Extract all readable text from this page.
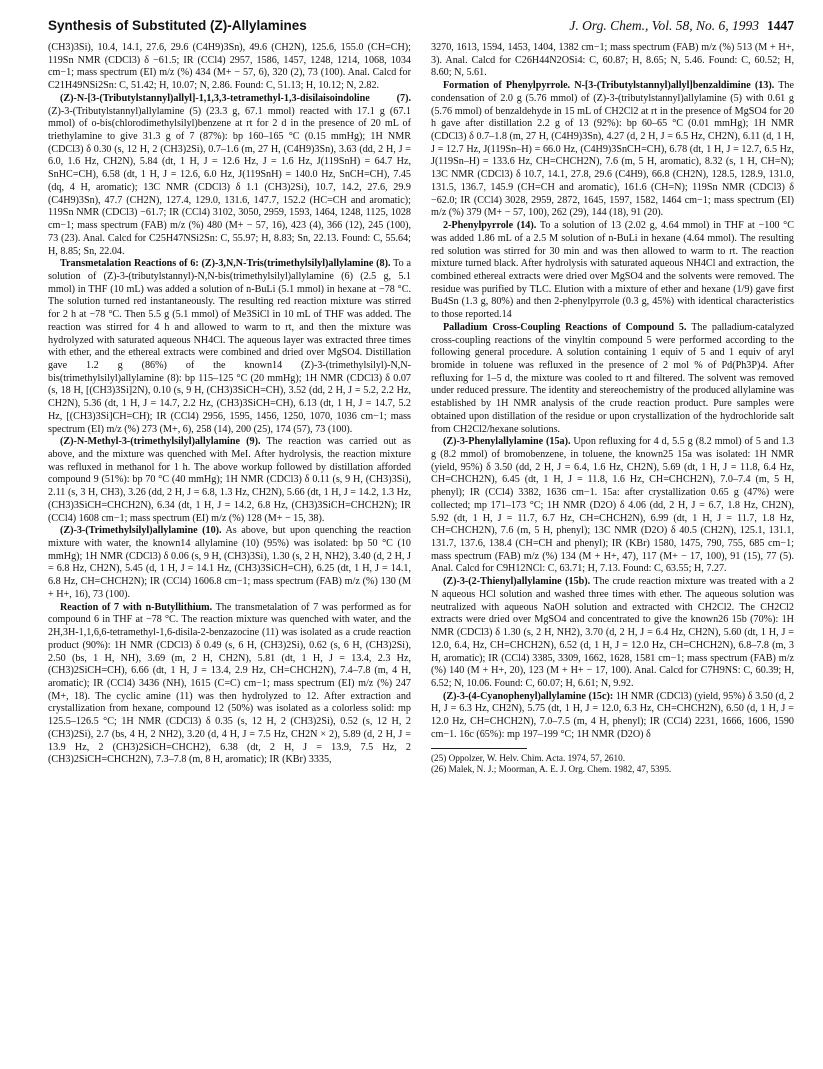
Synthesis of Substituted (Z)-Allylamines	J. Org. Chem., Vol. 58, No. 6, 1993 1447

(CH3)3Si), 10.4, 14.1, 27.6, 29.6 (C4H9)3Sn), 49.6 (CH2N), 125.6, 155.0 (CH=CH); 119Sn NMR (CDCl3) δ −61.5; IR (CCl4) 2957, 1586, 1457, 1248, 1214, 1068, 1034 cm−1; mass spectrum (EI) m/z (%) 434 (M+ − 57, 6), 320 (2), 73 (100). Anal. Calcd for C21H49NSi2Sn: C, 51.42; H, 10.07; N, 2.86. Found: C, 51.13; H, 10.12; N, 2.82.

(Z)-N-[3-(Tributylstannyl)allyl]-1,1,3,3-tetramethyl-1,3-disilaisoindoline (7). (Z)-3-(Tributylstannyl)allylamine (5) (23.3 g, 67.1 mmol) reacted with 17.1 g (67.1 mmol) of o-bis(chlorodimethylsilyl)benzene at rt for 2 d in the presence of 20 mL of triethylamine to give 31.3 g of 7 (87%): bp 160–165 °C (0.15 mmHg); 1H NMR (CDCl3) δ 0.30 (s, 12 H, 2 (CH3)2Si), 0.7–1.6 (m, 27 H, (C4H9)3Sn), 3.63 (dd, 2 H, J = 6.0, 1.6 Hz, CH2N), 5.84 (dt, 1 H, J = 12.6 Hz, J = 1.6 Hz, J(119SnH) = 64.7 Hz, SnHC=CH), 6.58 (dt, 1 H, J = 12.6, 6.0 Hz, J(119SnH) = 140.0 Hz, SnCH=CH), 7.45 (dq, 4 H, aromatic); 13C NMR (CDCl3) δ 1.1 (CH3)2Si), 10.7, 14.2, 27.6, 29.9 (C4H9)3Sn), 47.7 (CH2N), 127.4, 129.0, 131.6, 147.7, 152.2 (HC=CH and aromatic); 119Sn NMR (CDCl3) −61.7; IR (CCl4) 3102, 3050, 2959, 1593, 1464, 1248, 1125, 1028 cm−1; mass spectrum (FAB) m/z (%) 480 (M+ − 57, 16), 423 (4), 366 (12), 245 (100), 73 (23). Anal. Calcd for C25H47NSi2Sn: C, 55.97; H, 8.83; Sn, 22.13. Found: C, 55.64; H, 8.85; Sn, 22.04.

Transmetalation Reactions of 6: (Z)-3,N,N-Tris(trimethylsilyl)allylamine (8). To a solution of (Z)-3-(tributylstannyl)-N,N-bis(trimethylsilyl)allylamine (6) (2.5 g, 5.1 mmol) in THF (10 mL) was added a solution of n-BuLi (5.1 mmol) in hexane at −78 °C. The solution turned red instantaneously. The resulting red reaction mixture was stirred for 2 h at −78 °C. Then 5.5 g (5.1 mmol) of Me3SiCl in 10 mL of THF was added. The reaction was stirred for 4 h and allowed to warm to rt, and then the mixture was hydrolyzed with saturated aqueous NH4Cl. The aqueous layer was extracted three times with ether, and the ethereal extracts were combined and dried over MgSO4. Distillation gave 1.2 g (86%) of the known14 (Z)-3-(trimethylsilyl)-N,N-bis(trimethylsilyl)allylamine (8): bp 115–125 °C (20 mmHg); 1H NMR (CDCl3) δ 0.07 (s, 18 H, [(CH3)3Si]2N), 0.10 (s, 9 H, (CH3)3SiCH=CH), 3.52 (dd, 2 H, J = 5.2, 2.2 Hz, CH2N), 5.36 (dt, 1 H, J = 14.7, 2.2 Hz, (CH3)3SiCH=CH), 6.13 (dt, 1 H, J = 14.7, 5.2 Hz, [(CH3)3Si]CH=CH); IR (CCl4) 2956, 1595, 1456, 1250, 1070, 1036 cm−1; mass spectrum (EI) m/z (%) 273 (M+, 6), 258 (14), 200 (25), 174 (57), 73 (100).

(Z)-N-Methyl-3-(trimethylsilyl)allylamine (9). The reaction was carried out as above, and the mixture was quenched with MeI. After hydrolysis, the reaction mixture was refluxed in methanol for 1 h. The above workup followed by distillation afforded compound 9 (51%): bp 70 °C (40 mmHg); 1H NMR (CDCl3) δ 0.11 (s, 9 H, (CH3)3Si), 2.11 (s, 3 H, CH3), 3.26 (dd, 2 H, J = 6.8, 1.3 Hz, CH2N), 5.66 (dt, 1 H, J = 14.2, 1.3 Hz, (CH3)3SiCH=CHCH2N), 6.34 (dt, 1 H, J = 14.2, 6.8 Hz, (CH3)3SiCH=CHCH2N); IR (CCl4) 1608 cm−1; mass spectrum (EI) m/z (%) 128 (M+ − 15, 38).

(Z)-3-(Trimethylsilyl)allylamine (10). As above, but upon quenching the reaction mixture with water, the known14 allylamine (10) (95%) was isolated: bp 50 °C (10 mmHg); 1H NMR (CDCl3) δ 0.06 (s, 9 H, (CH3)3Si), 1.30 (s, 2 H, NH2), 3.40 (d, 2 H, J = 6.8 Hz, CH2N), 5.45 (d, 1 H, J = 14.1 Hz, (CH3)3SiCH=CH), 6.25 (dt, 1 H, J = 14.1, 6.8 Hz, CH=CHCH2N); IR (CCl4) 1606.8 cm−1; mass spectrum (FAB) m/z (%) 130 (M + H+, 16), 73 (100).

Reaction of 7 with n-Butyllithium. The transmetalation of 7 was performed as for compound 6 in THF at −78 °C. The reaction mixture was quenched with water, and the 2H,3H-1,1,6,6-tetramethyl-1,6-disila-2-benzazocine (11) was isolated as a crude reaction product (90%): 1H NMR (CDCl3) δ 0.49 (s, 6 H, (CH3)2Si), 0.62 (s, 6 H, (CH3)2Si), 2.50 (bs, 1 H, NH), 3.69 (m, 2 H, CH2N), 5.81 (dt, 1 H, J = 13.4, 2.3 Hz, (CH3)2SiCH=CH), 6.66 (dt, 1 H, J = 13.4, 2.9 Hz, CH=CHCH2N), 7.4–7.8 (m, 4 H, aromatic); IR (CCl4) 3436 (NH), 1615 (C=C) cm−1; mass spectrum (EI) m/z (%) 247 (M+, 18). The cyclic amine (11) was then hydrolyzed to 12. After extraction and crystallization from hexane, compound 12 (50%) was isolated as a colorless solid: mp 125.5–126.5 °C; 1H NMR (CDCl3) δ 0.35 (s, 12 H, 2 (CH3)2Si), 0.52 (s, 12 H, 2 (CH3)2Si), 2.7 (bs, 4 H, 2 NH2), 3.20 (d, 4 H, J = 7.5 Hz, CH2N × 2), 5.89 (d, 2 H, J = 13.9 Hz, 2 (CH3)2SiCH=CHCH2), 6.38 (dt, 2 H, J = 13.9, 7.5 Hz, 2 (CH3)2SiCH=CHCH2N), 7.3–7.8 (m, 8 H, aromatic); IR (KBr) 3335,

3270, 1613, 1594, 1453, 1404, 1382 cm−1; mass spectrum (FAB) m/z (%) 513 (M + H+, 3). Anal. Calcd for C26H44N2OSi4: C, 60.87; H, 8.65; N, 5.46. Found: C, 60.52; H, 8.60; N, 5.61.

Formation of Phenylpyrrole. N-[3-(Tributylstannyl)allyl]benzaldimine (13). The condensation of 2.0 g (5.76 mmol) of (Z)-3-(tributylstannyl)allylamine (5) with 0.61 g (5.76 mmol) of benzaldehyde in 15 mL of CH2Cl2 at rt in the presence of MgSO4 for 20 h gave after distillation 2.2 g of 13 (92%): bp 60–65 °C (0.01 mmHg); 1H NMR (CDCl3) δ 0.7–1.8 (m, 27 H, (C4H9)3Sn), 4.27 (d, 2 H, J = 6.5 Hz, CH2N), 6.11 (d, 1 H, J = 12.7 Hz, J(119Sn–H) = 66.0 Hz, (C4H9)3SnCH=CH), 6.78 (dt, 1 H, J = 12.7, 6.5 Hz, J(119Sn–H) = 133.6 Hz, CH=CHCH2N), 7.6 (m, 5 H, aromatic), 8.32 (s, 1 H, CH=N); 13C NMR (CDCl3) δ 10.7, 14.1, 27.8, 29.6 (C4H9), 66.8 (CH2N), 128.5, 128.9, 131.0, 131.5, 136.7, 145.9 (CH=CH and aromatic), 161.6 (CH=N); 119Sn NMR (CDCl3) δ −62.0; IR (CCl4) 3028, 2959, 2872, 1645, 1597, 1582, 1464 cm−1; mass spectrum (EI) m/z (%) 379 (M+ − 57, 100), 262 (29), 144 (18), 91 (20).

2-Phenylpyrrole (14). To a solution of 13 (2.02 g, 4.64 mmol) in THF at −100 °C was added 1.86 mL of a 2.5 M solution of n-BuLi in hexane (4.64 mmol). The resulting red solution was stirred for 30 min and was then allowed to warm to rt. The reaction mixture turned black. After hydrolysis with saturated aqueous NH4Cl and extraction, the combined ethereal extracts were dried over MgSO4 and the solvents were removed. The residue was purified by TLC. Elution with a mixture of ether and hexane (1/9) gave first Bu4Sn (1.3 g, 80%) and then 2-phenylpyrrole (0.3 g, 45%) with identical characteristics to those reported.14

Palladium Cross-Coupling Reactions of Compound 5. The palladium-catalyzed cross-coupling reactions of the vinyltin compound 5 were performed according to the following general procedure. A solution containing 1 equiv of 5 and 1 equiv of aryl bromide in toluene was refluxed in the presence of 2 mol % of Pd(Ph3P)4. After refluxing for 1–5 d, the mixture was cooled to rt and filtered. The solvent was removed under reduced pressure. The identity and stereochemistry of the produced allylamine was established by 1H NMR analysis of the crude reaction product. Pure samples were obtained upon distillation of the residue or upon crystallization of the hydrochloride salt from CH2Cl2/hexane solutions.

(Z)-3-Phenylallylamine (15a). Upon refluxing for 4 d, 5.5 g (8.2 mmol) of 5 and 1.3 g (8.2 mmol) of bromobenzene, in toluene, the known25 15a was isolated: 1H NMR (yield, 95%) δ 3.50 (dd, 2 H, J = 6.4, 1.6 Hz, CH2N), 5.69 (dt, 1 H, J = 11.8, 6.4 Hz, CH=CHCH2N), 6.45 (dt, 1 H, J = 11.8, 1.6 Hz, CH=CHCH2N), 7.0–7.4 (m, 5 H, phenyl); IR (CCl4) 3382, 1636 cm−1. 15a: after crystallization 0.65 g (47%) were collected; mp 171–173 °C; 1H NMR (D2O) δ 4.06 (dd, 2 H, J = 6.7, 1.8 Hz, CH2N), 5.92 (dt, 1 H, J = 11.7, 6.7 Hz, CH=CHCH2N), 6.99 (dt, 1 H, J = 11.7, 1.8 Hz, CH=CHCH2N), 7.6 (m, 5 H, phenyl); 13C NMR (D2O) δ 40.5 (CH2N), 125.1, 131.1, 131.7, 137.6, 138.4 (CH=CH and phenyl); IR (KBr) 1580, 1475, 790, 755, 685 cm−1; mass spectrum (FAB) m/z (%) 134 (M + H+, 47), 117 (M+ − 17, 100), 91 (15), 77 (5). Anal. Calcd for C9H12NCl: C, 63.71; H, 7.13. Found: C, 63.55; H, 7.27.

(Z)-3-(2-Thienyl)allylamine (15b). The crude reaction mixture was treated with a 2 N aqueous HCl solution and washed three times with ether. The aqueous solution was neutralized with aqueous NaOH solution and extracted with CH2Cl2. The CH2Cl2 extracts were dried over MgSO4 and concentrated to give the known26 15b (70%): 1H NMR (CDCl3) δ 1.30 (s, 2 H, NH2), 3.70 (d, 2 H, J = 6.4 Hz, CH2N), 5.60 (dt, 1 H, J = 12.0, 6.4, Hz, CH=CHCH2N), 6.52 (d, 1 H, J = 12.0 Hz, CH=CHCH2N), 6.8–7.8 (m, 3 H, aromatic); IR (CCl4) 3385, 3309, 1662, 1628, 1581 cm−1; mass spectrum (FAB) m/z (%) 140 (M + H+, 20), 123 (M + H+ − 17, 100). Anal. Calcd for C7H9NS: C, 60.39; H, 6.52; N, 10.06. Found: C, 60.07; H, 6.61; N, 9.92.

(Z)-3-(4-Cyanophenyl)allylamine (15c): 1H NMR (CDCl3) (yield, 95%) δ 3.50 (d, 2 H, J = 6.3 Hz, CH2N), 5.75 (dt, 1 H, J = 12.0, 6.3 Hz, CH=CHCH2N), 6.50 (d, 1 H, J = 12.0 Hz, CH=CHCH2N), 7.0–7.5 (m, 4 H, phenyl); IR (CCl4) 2231, 1666, 1606, 1590 cm−1. 16c (65%): mp 197–199 °C; 1H NMR (D2O) δ

(25) Oppolzer, W. Helv. Chim. Acta. 1974, 57, 2610.

(26) Malek, N. J.; Moorman, A. E. J. Org. Chem. 1982, 47, 5395.
